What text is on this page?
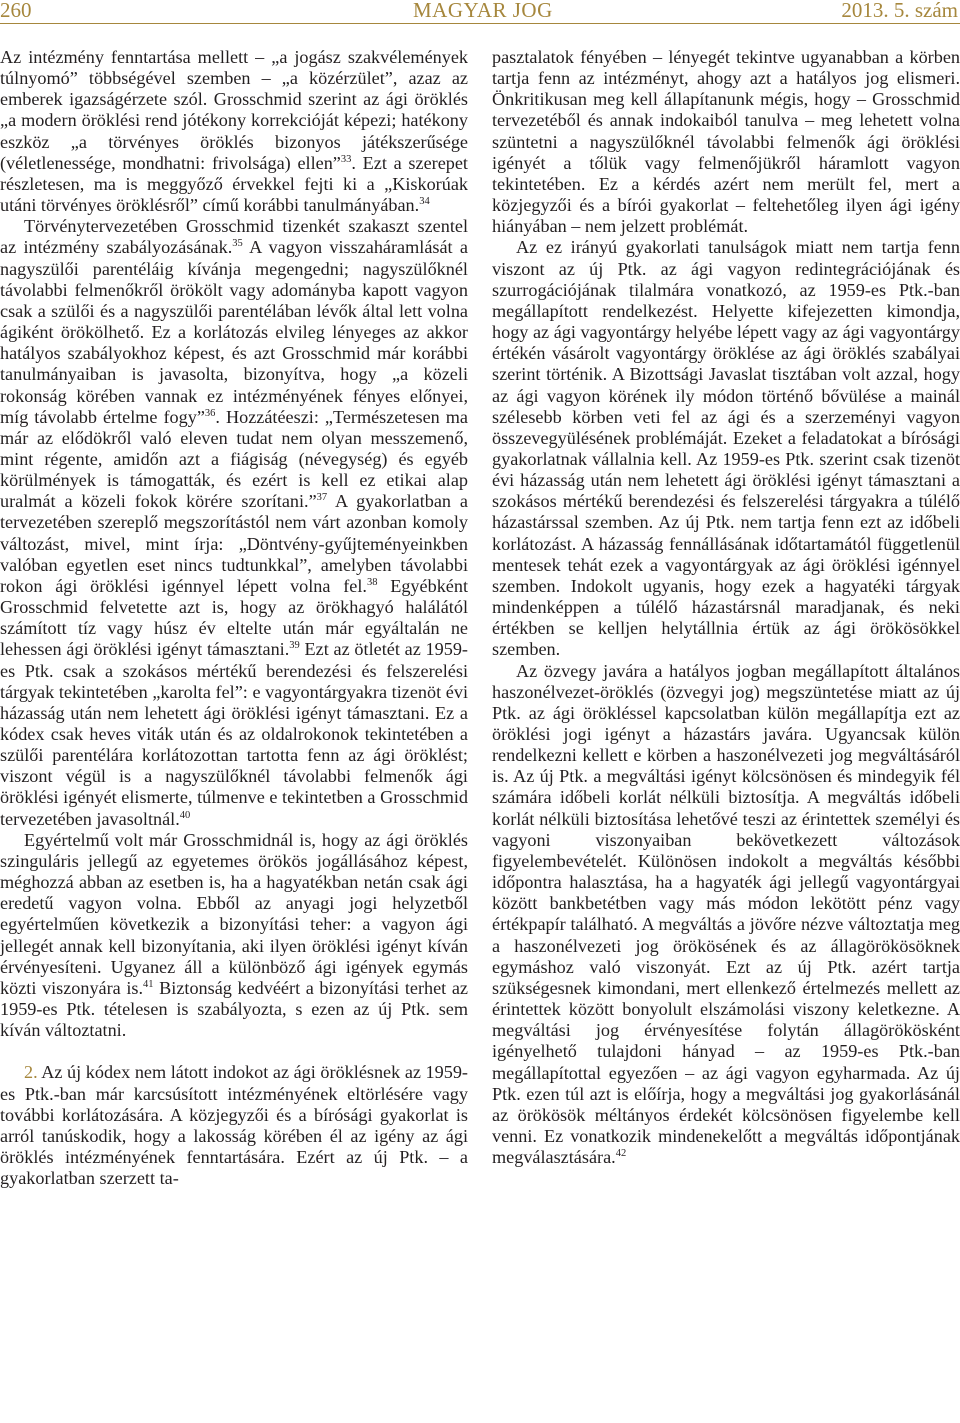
260	MAGYAR JOG	2013. 5. szám

Az intézmény fenntartása mellett – „a jogász szakvélemények túlnyomó” többségével szemben – „a közérzület”, azaz az emberek igazságérzete szól. Grosschmid szerint az ági öröklés „a modern öröklési rend jótékony korrekcióját képezi; hatékony eszköz „a törvényes öröklés bizonyos játékszerűsége (véletlenessége, mondhatni: frivolsága) ellen”$^{33}$. Ezt a szerepet részletesen, ma is meggyőző érvekkel fejti ki a „Kiskorúak utáni törvényes öröklésről” című korábbi tanulmányában.$^{34}$

Törvénytervezetében Grosschmid tizenkét szakaszt szentel az intézmény szabályozásának.$^{35}$ A vagyon visszaháramlását a nagyszülői parentéláig kívánja megengedni; nagyszülőknél távolabbi felmenőkről örökölt vagy adományba kapott vagyon csak a szülői és a nagyszülői parentélában lévők által lett volna ágiként örökölhető. Ez a korlátozás elvileg lényeges az akkor hatályos szabályokhoz képest, és azt Grosschmid már korábbi tanulmányaiban is javasolta, bizonyítva, hogy „a közeli rokonság körében vannak ez intézményének fényes előnyei, míg távolabb értelme fogy”$^{36}$. Hozzátéeszi: „Természetesen ma már az elődökről való eleven tudat nem olyan messzemenő, mint régente, amidőn azt a fiágiság (névegység) és egyéb körülmények is támogatták, és ezért is kell ez etikai alap uralmát a közeli fokok körére szorítani.”$^{37}$ A gyakorlatban a tervezetében szereplő megszorítástól nem várt azonban komoly változást, mivel, mint írja: „Döntvény-gyűjteményeinkben valóban egyetlen eset nincs tudtunkkal”, amelyben távolabbi rokon ági öröklési igénnyel lépett volna fel.$^{38}$ Egyébként Grosschmid felvetette azt is, hogy az örökhagyó halálától számított tíz vagy húsz év eltelte után már egyáltalán ne lehessen ági öröklési igényt támasztani.$^{39}$ Ezt az ötletét az 1959-es Ptk. csak a szokásos mértékű berendezési és felszerelési tárgyak tekintetében „karolta fel”: e vagyontárgyakra tizenöt évi házasság után nem lehetett ági öröklési igényt támasztani. Ez a kódex csak heves viták után és az oldalrokonok tekintetében a szülői parentélára korlátozottan tartotta fenn az ági öröklést; viszont végül is a nagyszülőknél távolabbi felmenők ági öröklési igényét elismerte, túlmenve e tekintetben a Grosschmid tervezetében javasoltnál.$^{40}$

Egyértelmű volt már Grosschmidnál is, hogy az ági öröklés szinguláris jellegű az egyetemes örökös jogállásához képest, méghozzá abban az esetben is, ha a hagyatékban netán csak ági eredetű vagyon volna. Ebből az anyagi jogi helyzetből egyértelműen következik a bizonyítási teher: a vagyon ági jellegét annak kell bizonyítania, aki ilyen öröklési igényt kíván érvényesíteni. Ugyanez áll a különböző ági igények egymás közti viszonyára is.$^{41}$ Biztonság kedvéért a bizonyítási terhet az 1959-es Ptk. tételesen is szabályozta, s ezen az új Ptk. sem kíván változtatni.

2. Az új kódex nem látott indokot az ági öröklésnek az 1959-es Ptk.-ban már karcsúsított intézményének eltörlésére vagy további korlátozására. A közjegyzői és a bírósági gyakorlat is arról tanúskodik, hogy a lakosság körében él az igény az ági öröklés intézményének fenntartására. Ezért az új Ptk. – a gyakorlatban szerzett ta-

pasztalatok fényében – lényegét tekintve ugyanabban a körben tartja fenn az intézményt, ahogy azt a hatályos jog elismeri. Önkritikusan meg kell állapítanunk mégis, hogy – Grosschmid tervezetéből és annak indokaiból tanulva – meg lehetett volna szüntetni a nagyszülőknél távolabbi felmenők ági öröklési igényét a tőlük vagy felmenőjükről háramlott vagyon tekintetében. Ez a kérdés azért nem merült fel, mert a közjegyzői és a bírói gyakorlat – feltehetőleg ilyen ági igény hiányában – nem jelzett problémát.

Az ez irányú gyakorlati tanulságok miatt nem tartja fenn viszont az új Ptk. az ági vagyon redintegrációjának és szurrogációjának tilalmára vonatkozó, az 1959-es Ptk.-ban megállapított rendelkezést. Helyette kifejezetten kimondja, hogy az ági vagyontárgy helyébe lépett vagy az ági vagyontárgy értékén vásárolt vagyontárgy öröklése az ági öröklés szabályai szerint történik. A Bizottsági Javaslat tisztában volt azzal, hogy az ági vagyon körének ily módon történő bővülése a mainál szélesebb körben veti fel az ági és a szerzeményi vagyon összevegyülésének problémáját. Ezeket a feladatokat a bírósági gyakorlatnak vállalnia kell. Az 1959-es Ptk. szerint csak tizenöt évi házasság után nem lehetett ági öröklési igényt támasztani a szokásos mértékű berendezési és felszerelési tárgyakra a túlélő házastárssal szemben. Az új Ptk. nem tartja fenn ezt az időbeli korlátozást. A házasság fennállásának időtartamától függetlenül mentesek tehát ezek a vagyontárgyak az ági öröklési igénnyel szemben. Indokolt ugyanis, hogy ezek a hagyatéki tárgyak mindenképpen a túlélő házastársnál maradjanak, és neki értékben se kelljen helytállnia értük az ági örökösökkel szemben.

Az özvegy javára a hatályos jogban megállapított általános haszonélvezet-öröklés (özvegyi jog) megszüntetése miatt az új Ptk. az ági örökléssel kapcsolatban külön megállapítja ezt az öröklési jogi igényt a házastárs javára. Ugyancsak külön rendelkezni kellett e körben a haszonélvezeti jog megváltásáról is. Az új Ptk. a megváltási igényt kölcsönösen és mindegyik fél számára időbeli korlát nélküli biztosítja. A megváltás időbeli korlát nélküli biztosítása lehetővé teszi az érintettek személyi és vagyoni viszonyaiban bekövetkezett változások figyelembevételét. Különösen indokolt a megváltás későbbi időpontra halasztása, ha a hagyaték ági jellegű vagyontárgyai között bankbetétben vagy más módon lekötött pénz vagy értékpapír található. A megváltás a jövőre nézve változtatja meg a haszonélvezeti jog örökösének és az állagörökösöknek egymáshoz való viszonyát. Ezt az új Ptk. azért tartja szükségesnek kimondani, mert ellenkező értelmezés mellett az érintettek között bonyolult elszámolási viszony keletkezne. A megváltási jog érvényesítése folytán állagörökösként igényelhető tulajdoni hányad – az 1959-es Ptk.-ban megállapítottal egyezően – az ági vagyon egyharmada. Az új Ptk. ezen túl azt is előírja, hogy a megváltási jog gyakorlásánál az örökösök méltányos érdekét kölcsönösen figyelembe kell venni. Ez vonatkozik mindenekelőtt a megváltás időpontjának megválasztására.$^{42}$
